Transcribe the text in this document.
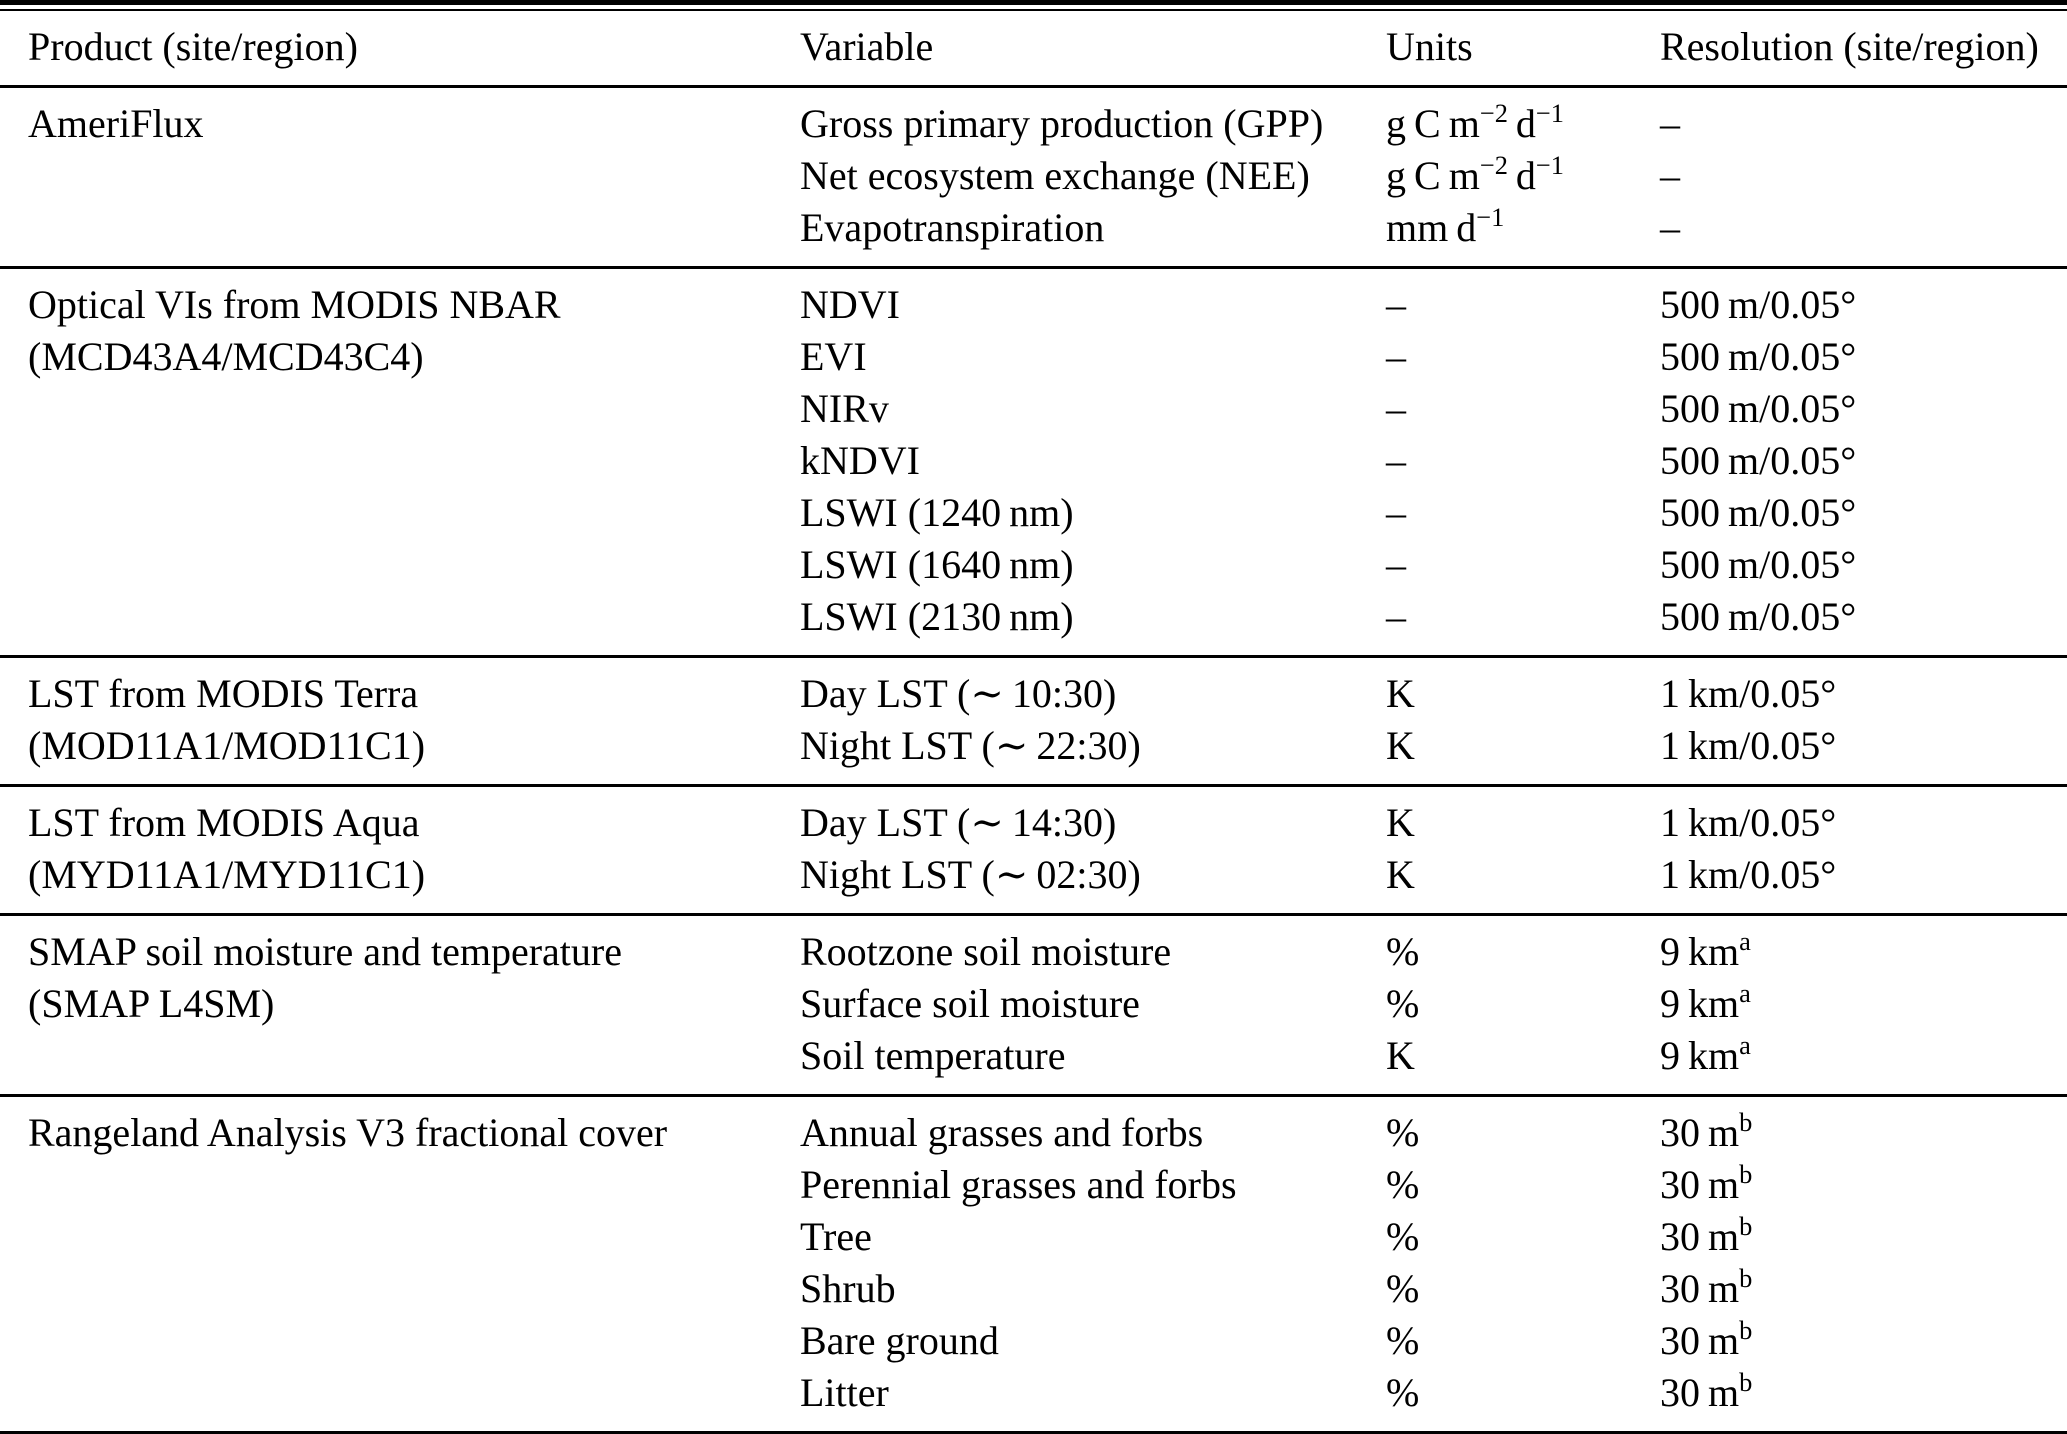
Product (site/region)	Variable	Units	Resolution (site/region)
AmeriFlux	Gross primary production (GPP)	g C $m^{-2}$ $d^{-1}$	–
	Net ecosystem exchange (NEE)	g C $m^{-2}$ $d^{-1}$	–
	Evapotranspiration	mm $d^{-1}$	–
Optical VIs from MODIS NBAR	NDVI	–	500 m/0.05°
(MCD43A4/MCD43C4)	EVI	–	500 m/0.05°
	NIRv	–	500 m/0.05°
	kNDVI	–	500 m/0.05°
	LSWI (1240 nm)	–	500 m/0.05°
	LSWI (1640 nm)	–	500 m/0.05°
	LSWI (2130 nm)	–	500 m/0.05°
LST from MODIS Terra	Day LST (∼ 10:30)	K	1 km/0.05°
(MOD11A1/MOD11C1)	Night LST (∼ 22:30)	K	1 km/0.05°
LST from MODIS Aqua	Day LST (∼ 14:30)	K	1 km/0.05°
(MYD11A1/MYD11C1)	Night LST (∼ 02:30)	K	1 km/0.05°
SMAP soil moisture and temperature	Rootzone soil moisture	%	9 $km^a$
(SMAP L4SM)	Surface soil moisture	%	9 $km^a$
	Soil temperature	K	9 $km^a$
Rangeland Analysis V3 fractional cover	Annual grasses and forbs	%	30 $m^b$
	Perennial grasses and forbs	%	30 $m^b$
	Tree	%	30 $m^b$
	Shrub	%	30 $m^b$
	Bare ground	%	30 $m^b$
	Litter	%	30 $m^b$
